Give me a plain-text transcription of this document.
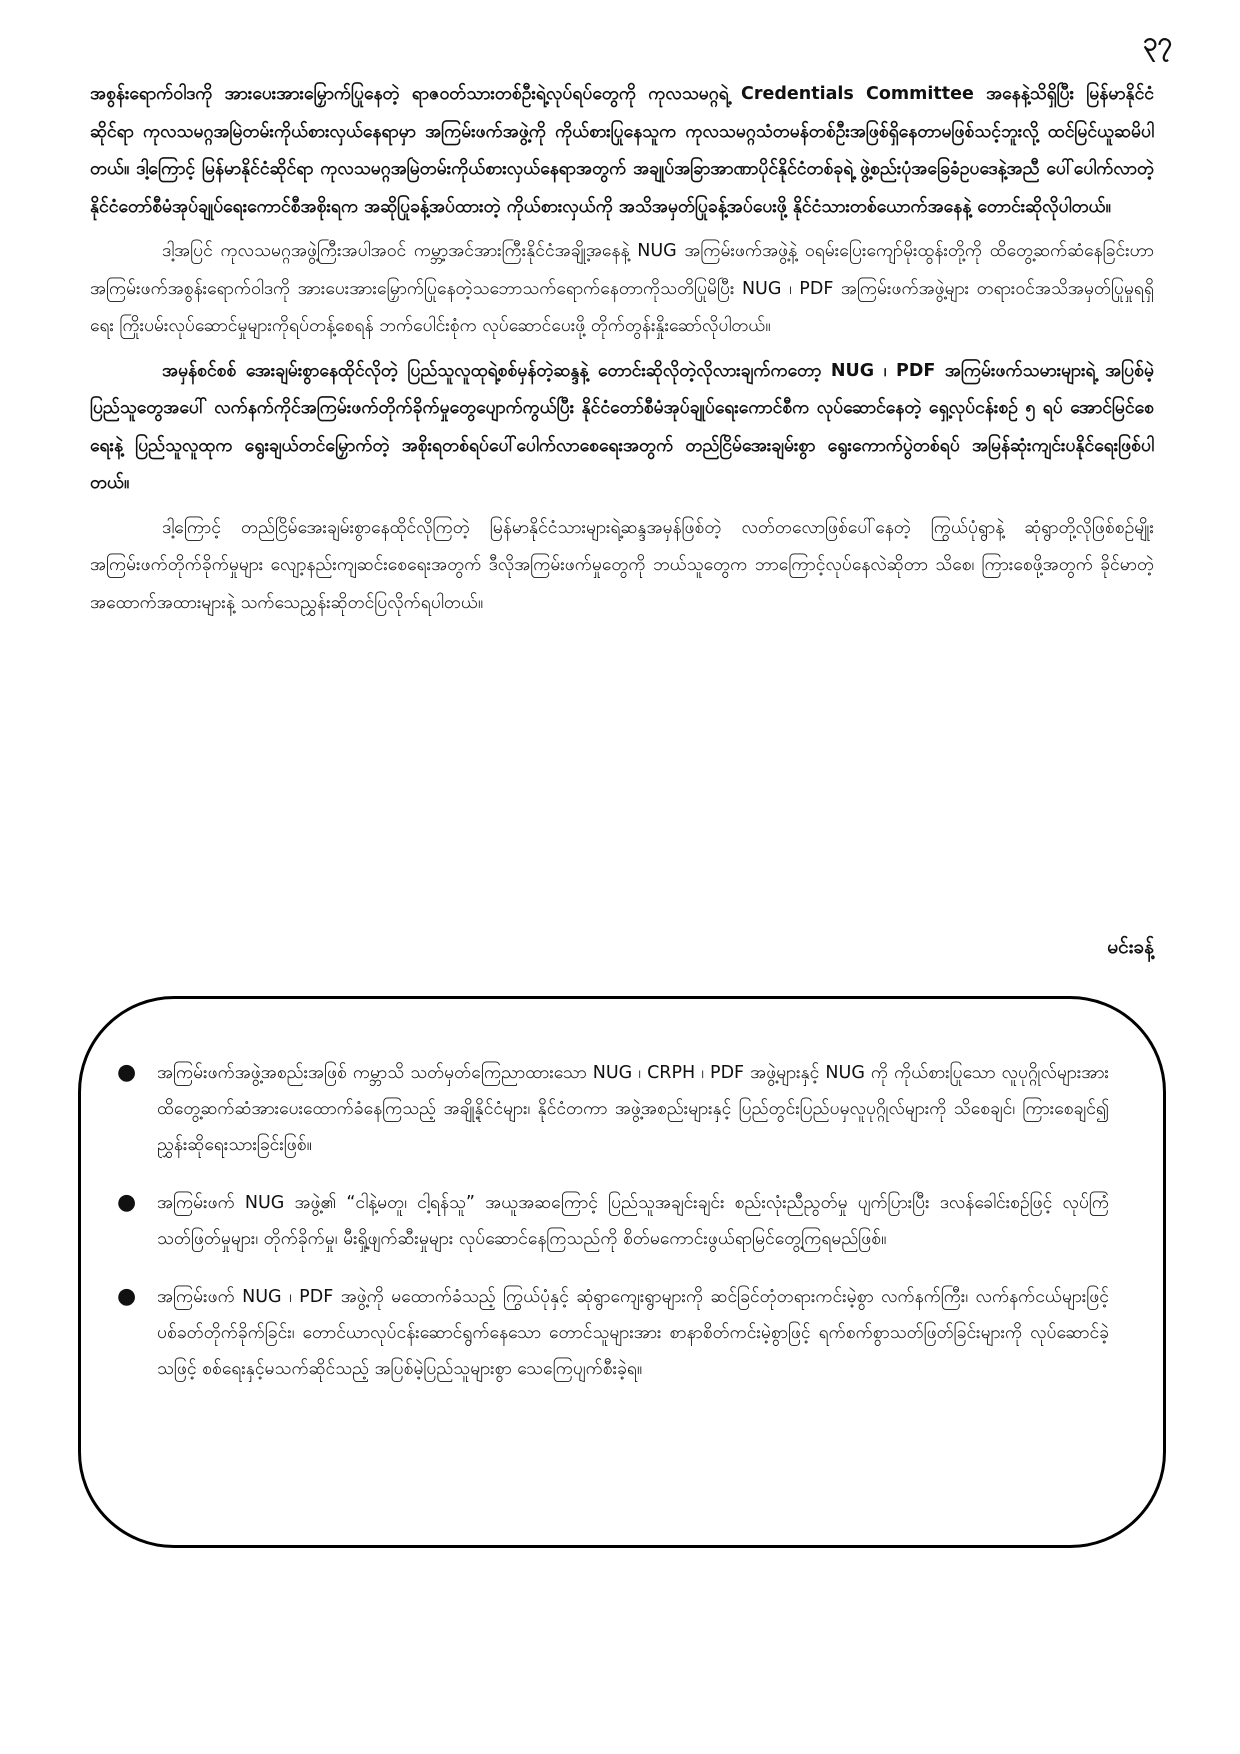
၃၇

အစွန်းရောက်ဝါဒကို အားပေးအားမြှောက်ပြုနေတဲ့ ရာဇဝတ်သားတစ်ဦးရဲ့လုပ်ရပ်တွေကို ကုလသမဂ္ဂရဲ့ Credentials Committee အနေနဲ့သိရှိပြီး မြန်မာနိုင်ငံဆိုင်ရာ ကုလသမဂ္ဂအမြဲတမ်းကိုယ်စားလှယ်နေရာမှာ အကြမ်းဖက်အဖွဲ့ကို ကိုယ်စားပြုနေသူက ကုလသမဂ္ဂသံတမန်တစ်ဦးအဖြစ်ရှိနေတာမဖြစ်သင့်ဘူးလို့ ထင်မြင်ယူဆမိပါတယ်။ ဒါ့ကြောင့် မြန်မာနိုင်ငံဆိုင်ရာ ကုလသမဂ္ဂအမြဲတမ်းကိုယ်စားလှယ်နေရာအတွက် အချုပ်အခြာအာဏာပိုင်နိုင်ငံတစ်ခုရဲ့ ဖွဲ့စည်းပုံအခြေခံဥပဒေနဲ့အညီ ပေါ်ပေါက်လာတဲ့ နိုင်ငံတော်စီမံအုပ်ချုပ်ရေးကောင်စီအစိုးရက အဆိုပြုခန့်အပ်ထားတဲ့ ကိုယ်စားလှယ်ကို အသိအမှတ်ပြုခန့်အပ်ပေးဖို့ နိုင်ငံသားတစ်ယောက်အနေနဲ့ တောင်းဆိုလိုပါတယ်။

ဒါ့အပြင် ကုလသမဂ္ဂအဖွဲ့ကြီးအပါအဝင် ကမ္ဘာ့အင်အားကြီးနိုင်ငံအချို့အနေနဲ့ NUG အကြမ်းဖက်အဖွဲ့နဲ့ ဝရမ်းပြေးကျော်မိုးထွန်းတို့ကို ထိတွေ့ဆက်ဆံနေခြင်းဟာ အကြမ်းဖက်အစွန်းရောက်ဝါဒကို အားပေးအားမြှောက်ပြုနေတဲ့သဘောသက်ရောက်နေတာကိုသတိပြုမိပြီး NUG ၊ PDF အကြမ်းဖက်အဖွဲ့များ တရားဝင်အသိအမှတ်ပြုမှုရရှိရေး ကြိုးပမ်းလုပ်ဆောင်မှုများကိုရပ်တန့်စေရန် ဘက်ပေါင်းစုံက လုပ်ဆောင်ပေးဖို့ တိုက်တွန်းနှိုးဆော်လိုပါတယ်။

အမှန်စင်စစ် အေးချမ်းစွာနေထိုင်လိုတဲ့ ပြည်သူလူထုရဲ့စစ်မှန်တဲ့ဆန္ဒနဲ့ တောင်းဆိုလိုတဲ့လိုလားချက်ကတော့ NUG ၊ PDF အကြမ်းဖက်သမားများရဲ့ အပြစ်မဲ့ပြည်သူတွေအပေါ် လက်နက်ကိုင်အကြမ်းဖက်တိုက်ခိုက်မှုတွေပျောက်ကွယ်ပြီး နိုင်ငံတော်စီမံအုပ်ချုပ်ရေးကောင်စီက လုပ်ဆောင်နေတဲ့ ရှေ့လုပ်ငန်းစဉ် ၅ ရပ် အောင်မြင်စေရေးနဲ့ ပြည်သူလူထုက ရွေးချယ်တင်မြှောက်တဲ့ အစိုးရတစ်ရပ်ပေါ်ပေါက်လာစေရေးအတွက် တည်ငြိမ်အေးချမ်းစွာ ရွေးကောက်ပွဲတစ်ရပ် အမြန်ဆုံးကျင်းပနိုင်ရေးဖြစ်ပါတယ်။

ဒါ့ကြောင့် တည်ငြိမ်အေးချမ်းစွာနေထိုင်လိုကြတဲ့ မြန်မာနိုင်ငံသားများရဲ့ဆန္ဒအမှန်ဖြစ်တဲ့ လတ်တလောဖြစ်ပေါ်နေတဲ့ ကြွယ်ပုံရွာနဲ့ ဆုံရွာတို့လိုဖြစ်စဉ်မျိုး အကြမ်းဖက်တိုက်ခိုက်မှုများ လျော့နည်းကျဆင်းစေရေးအတွက် ဒီလိုအကြမ်းဖက်မှုတွေကို ဘယ်သူတွေက ဘာကြောင့်လုပ်နေလဲဆိုတာ သိစေ၊ ကြားစေဖို့အတွက် ခိုင်မာတဲ့အထောက်အထားများနဲ့ သက်သေညွှန်းဆိုတင်ပြလိုက်ရပါတယ်။

မင်းခန့်
●	အကြမ်းဖက်အဖွဲ့အစည်းအဖြစ် ကမ္ဘာသိ သတ်မှတ်ကြေညာထားသော NUG ၊ CRPH ၊ PDF အဖွဲ့များနှင့် NUG ကို ကိုယ်စားပြုသော လူပုဂ္ဂိုလ်များအား ထိတွေ့ဆက်ဆံအားပေးထောက်ခံနေကြသည့် အချို့နိုင်ငံများ၊ နိုင်ငံတကာ အဖွဲ့အစည်းများနှင့် ပြည်တွင်းပြည်ပမှလူပုဂ္ဂိုလ်များကို သိစေချင်၊ ကြားစေချင်၍ ညွှန်းဆိုရေးသားခြင်းဖြစ်။
●	အကြမ်းဖက် NUG အဖွဲ့၏ “ငါနဲ့မတူ၊ ငါ့ရန်သူ” အယူအဆကြောင့် ပြည်သူအချင်းချင်း စည်းလုံးညီညွတ်မှု ပျက်ပြားပြီး ဒလန်ခေါင်းစဉ်ဖြင့် လုပ်ကြံသတ်ဖြတ်မှုများ၊ တိုက်ခိုက်မှု၊ မီးရှို့ဖျက်ဆီးမှုများ လုပ်ဆောင်နေကြသည်ကို စိတ်မကောင်းဖွယ်ရာမြင်တွေ့ကြရမည်ဖြစ်။
●	အကြမ်းဖက် NUG ၊ PDF အဖွဲ့ကို မထောက်ခံသည့် ကြွယ်ပုံနှင့် ဆုံရွာကျေးရွာများကို ဆင်ခြင်တုံတရားကင်းမဲ့စွာ လက်နက်ကြီး၊ လက်နက်ငယ်များဖြင့် ပစ်ခတ်တိုက်ခိုက်ခြင်း၊ တောင်ယာလုပ်ငန်းဆောင်ရွက်နေသော တောင်သူများအား စာနာစိတ်ကင်းမဲ့စွာဖြင့် ရက်စက်စွာသတ်ဖြတ်ခြင်းများကို လုပ်ဆောင်ခဲ့သဖြင့် စစ်ရေးနှင့်မသက်ဆိုင်သည့် အပြစ်မဲ့ပြည်သူများစွာ သေကြေပျက်စီးခဲ့ရ။
